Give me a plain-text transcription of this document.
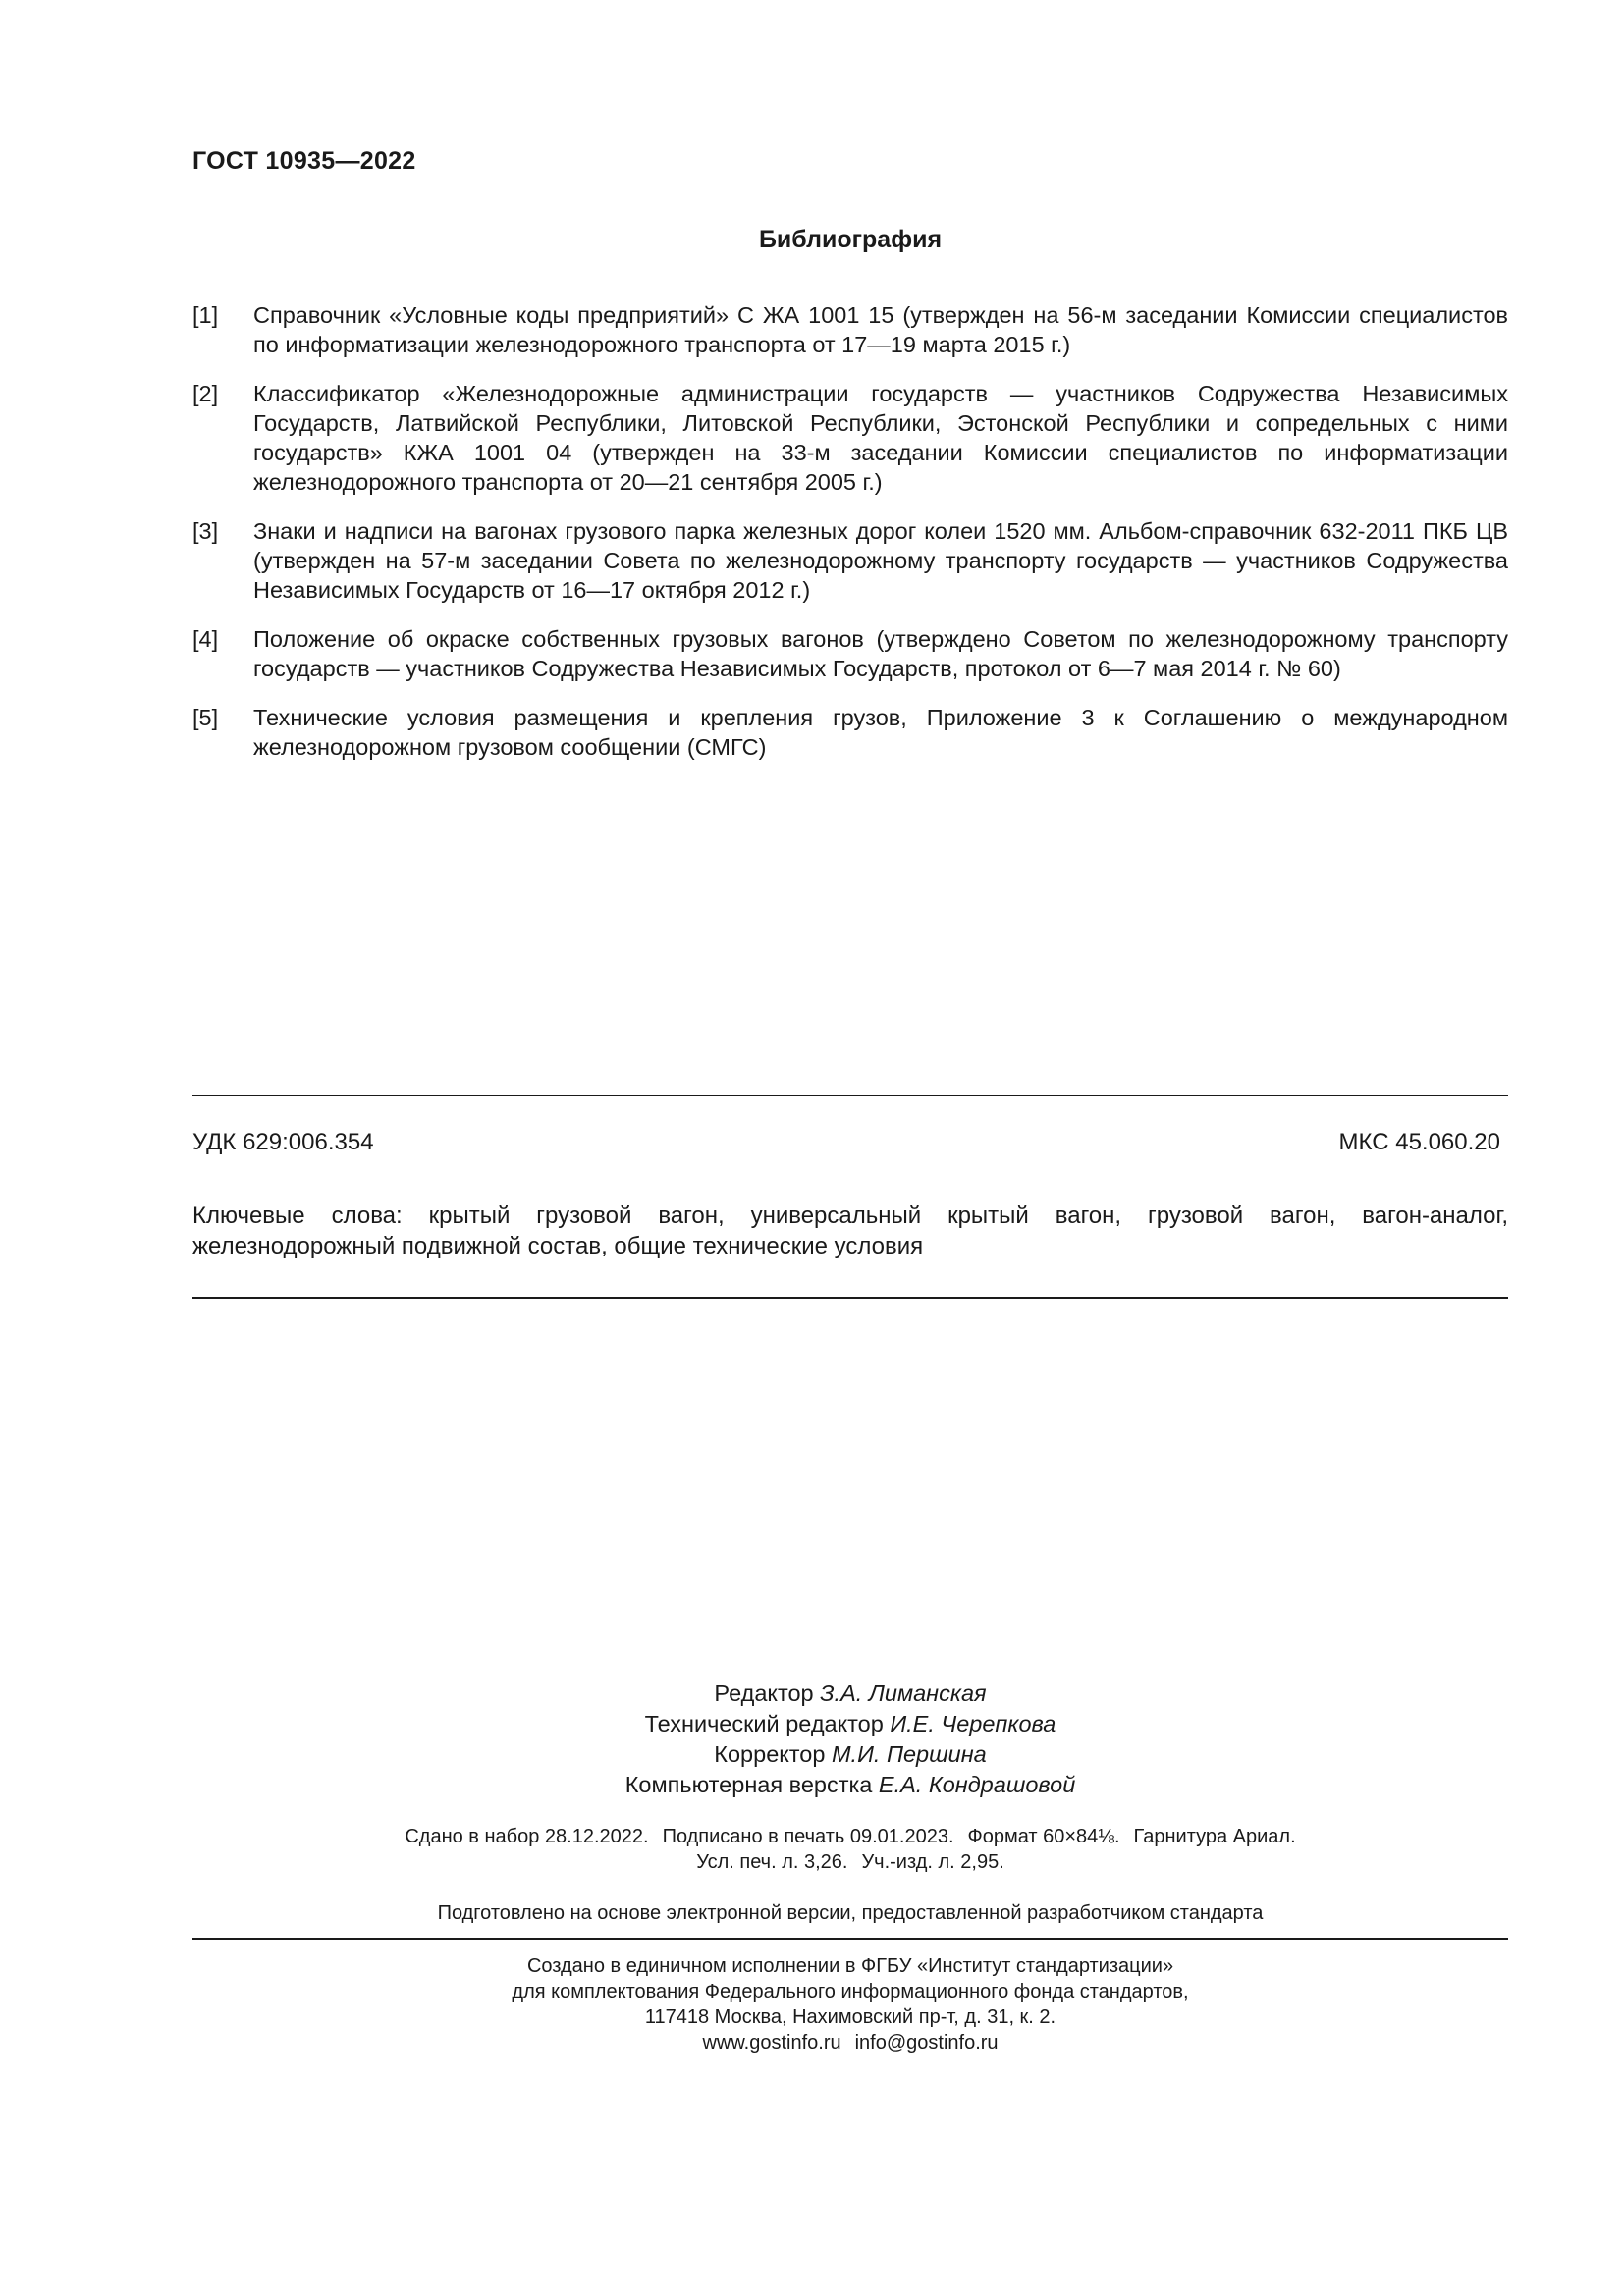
ГОСТ 10935—2022
Библиография
[1]	Справочник «Условные коды предприятий» С ЖА 1001 15 (утвержден на 56-м заседании Комиссии специалистов по информатизации железнодорожного транспорта от 17—19 марта 2015 г.)
[2]	Классификатор «Железнодорожные администрации государств — участников Содружества Независимых Государств, Латвийской Республики, Литовской Республики, Эстонской Республики и сопредельных с ними государств» КЖА 1001 04 (утвержден на 33-м заседании Комиссии специалистов по информатизации железнодорожного транспорта от 20—21 сентября 2005 г.)
[3]	Знаки и надписи на вагонах грузового парка железных дорог колеи 1520 мм. Альбом-справочник 632-2011 ПКБ ЦВ (утвержден на 57-м заседании Совета по железнодорожному транспорту государств — участников Содружества Независимых Государств от 16—17 октября 2012 г.)
[4]	Положение об окраске собственных грузовых вагонов (утверждено Советом по железнодорожному транспорту государств — участников Содружества Независимых Государств, протокол от 6—7 мая 2014 г. № 60)
[5]	Технические условия размещения и крепления грузов, Приложение 3 к Соглашению о международном железнодорожном грузовом сообщении (СМГС)
УДК 629:006.354	МКС 45.060.20
Ключевые слова: крытый грузовой вагон, универсальный крытый вагон, грузовой вагон, вагон-аналог, железнодорожный подвижной состав, общие технические условия
Редактор З.А. Лиманская
Технический редактор И.Е. Черепкова
Корректор М.И. Першина
Компьютерная верстка Е.А. Кондрашовой
Сдано в набор 28.12.2022. Подписано в печать 09.01.2023. Формат 60×84⅛. Гарнитура Ариал.
Усл. печ. л. 3,26. Уч.-изд. л. 2,95.
Подготовлено на основе электронной версии, предоставленной разработчиком стандарта
Создано в единичном исполнении в ФГБУ «Институт стандартизации»
для комплектования Федерального информационного фонда стандартов,
117418 Москва, Нахимовский пр-т, д. 31, к. 2.
www.gostinfo.ru info@gostinfo.ru
